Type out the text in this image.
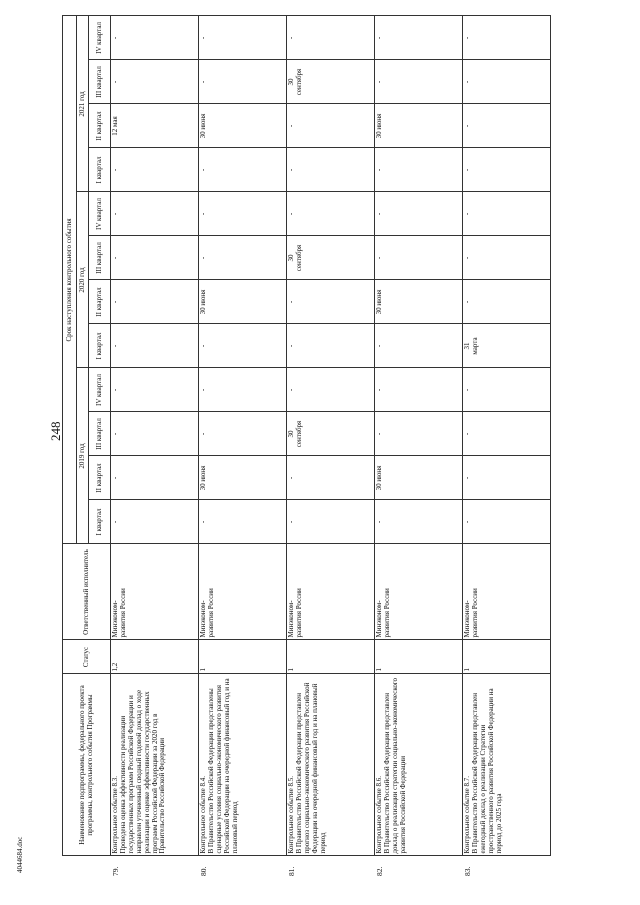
248
4044684.doc
	Наименование подпрограммы, федерального проекта программы, контрольного события Программы	Статус	Ответственный исполнитель	Срок наступления контрольного события											
				2019 год				2020 год				2021 год			
				I квартал	II квартал	III квартал	IV квартал	I квартал	II квартал	III квартал	IV квартал	I квартал	II квартал	III квартал	IV квартал
79.	Контрольное событие 8.3.
Проведена оценка эффективности реализации государственных программ Российской Федерации и направлен уточненный сводный годовой доклад о ходе реализации и оценке эффективности государственных программ Российской Федерации за 2020 год в Правительство Российской Федерации	1,2	Минэконом-
развития России	-	-	-	-	-	-	-	-	-	12 мая	-	-
80.	Контрольное событие 8.4.
В Правительство Российской Федерации представлены сценарные условия социально-экономического развития Российской Федерации на очередной финансовый год и на плановый период	1	Минэконом-
развития России	-	30 июня	-	-	-	30 июня	-	-	-	30 июня	-	-
81.	Контрольное событие 8.5.
В Правительство Российской Федерации представлен прогноз социально-экономического развития Российской Федерации на очередной финансовый год и на плановый период	1	Минэконом-
развития России	-	-	30
сентября	-	-	-	30
сентября	-	-	-	30
сентября	-
82.	Контрольное событие 8.6.
В Правительство Российской Федерации представлен доклад о реализации стратегии социально-экономического развития Российской Федерации	1	Минэконом-
развития России	-	30 июня	-	-	-	30 июня	-	-	-	30 июня	-	-
83.	Контрольное событие 8.7.
В Правительство Российской Федерации представлен ежегодный доклад о реализации Стратегии пространственного развития Российской Федерации на период до 2025 года	1	Минэконом-
развития России	-	-	-	-	31
марта	-	-	-	-	-	-	-
